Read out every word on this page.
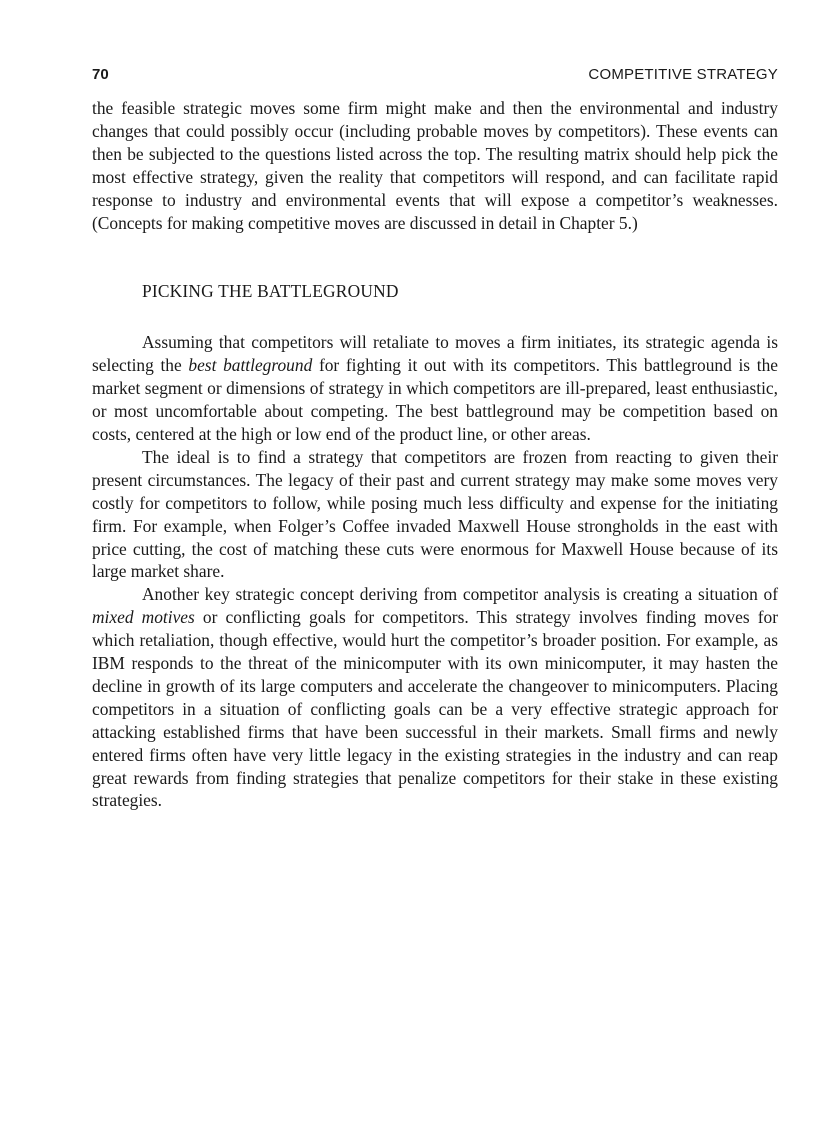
70	COMPETITIVE STRATEGY

the feasible strategic moves some firm might make and then the environmental and industry changes that could possibly occur (including probable moves by competitors). These events can then be subjected to the questions listed across the top. The resulting matrix should help pick the most effective strategy, given the reality that competitors will respond, and can facilitate rapid response to industry and environmental events that will expose a competitor’s weaknesses. (Concepts for making competitive moves are discussed in detail in Chapter 5.)

PICKING THE BATTLEGROUND

Assuming that competitors will retaliate to moves a firm initiates, its strategic agenda is selecting the best battleground for fighting it out with its competitors. This battleground is the market segment or dimensions of strategy in which competitors are ill-prepared, least enthusiastic, or most uncomfortable about competing. The best battleground may be competition based on costs, centered at the high or low end of the product line, or other areas.

The ideal is to find a strategy that competitors are frozen from reacting to given their present circumstances. The legacy of their past and current strategy may make some moves very costly for competitors to follow, while posing much less difficulty and expense for the initiating firm. For example, when Folger’s Coffee invaded Maxwell House strongholds in the east with price cutting, the cost of matching these cuts were enormous for Maxwell House because of its large market share.

Another key strategic concept deriving from competitor analysis is creating a situation of mixed motives or conflicting goals for competitors. This strategy involves finding moves for which retaliation, though effective, would hurt the competitor’s broader position. For example, as IBM responds to the threat of the minicomputer with its own minicomputer, it may hasten the decline in growth of its large computers and accelerate the changeover to minicomputers. Placing competitors in a situation of conflicting goals can be a very effective strategic approach for attacking established firms that have been successful in their markets. Small firms and newly entered firms often have very little legacy in the existing strategies in the industry and can reap great rewards from finding strategies that penalize competitors for their stake in these existing strategies.
